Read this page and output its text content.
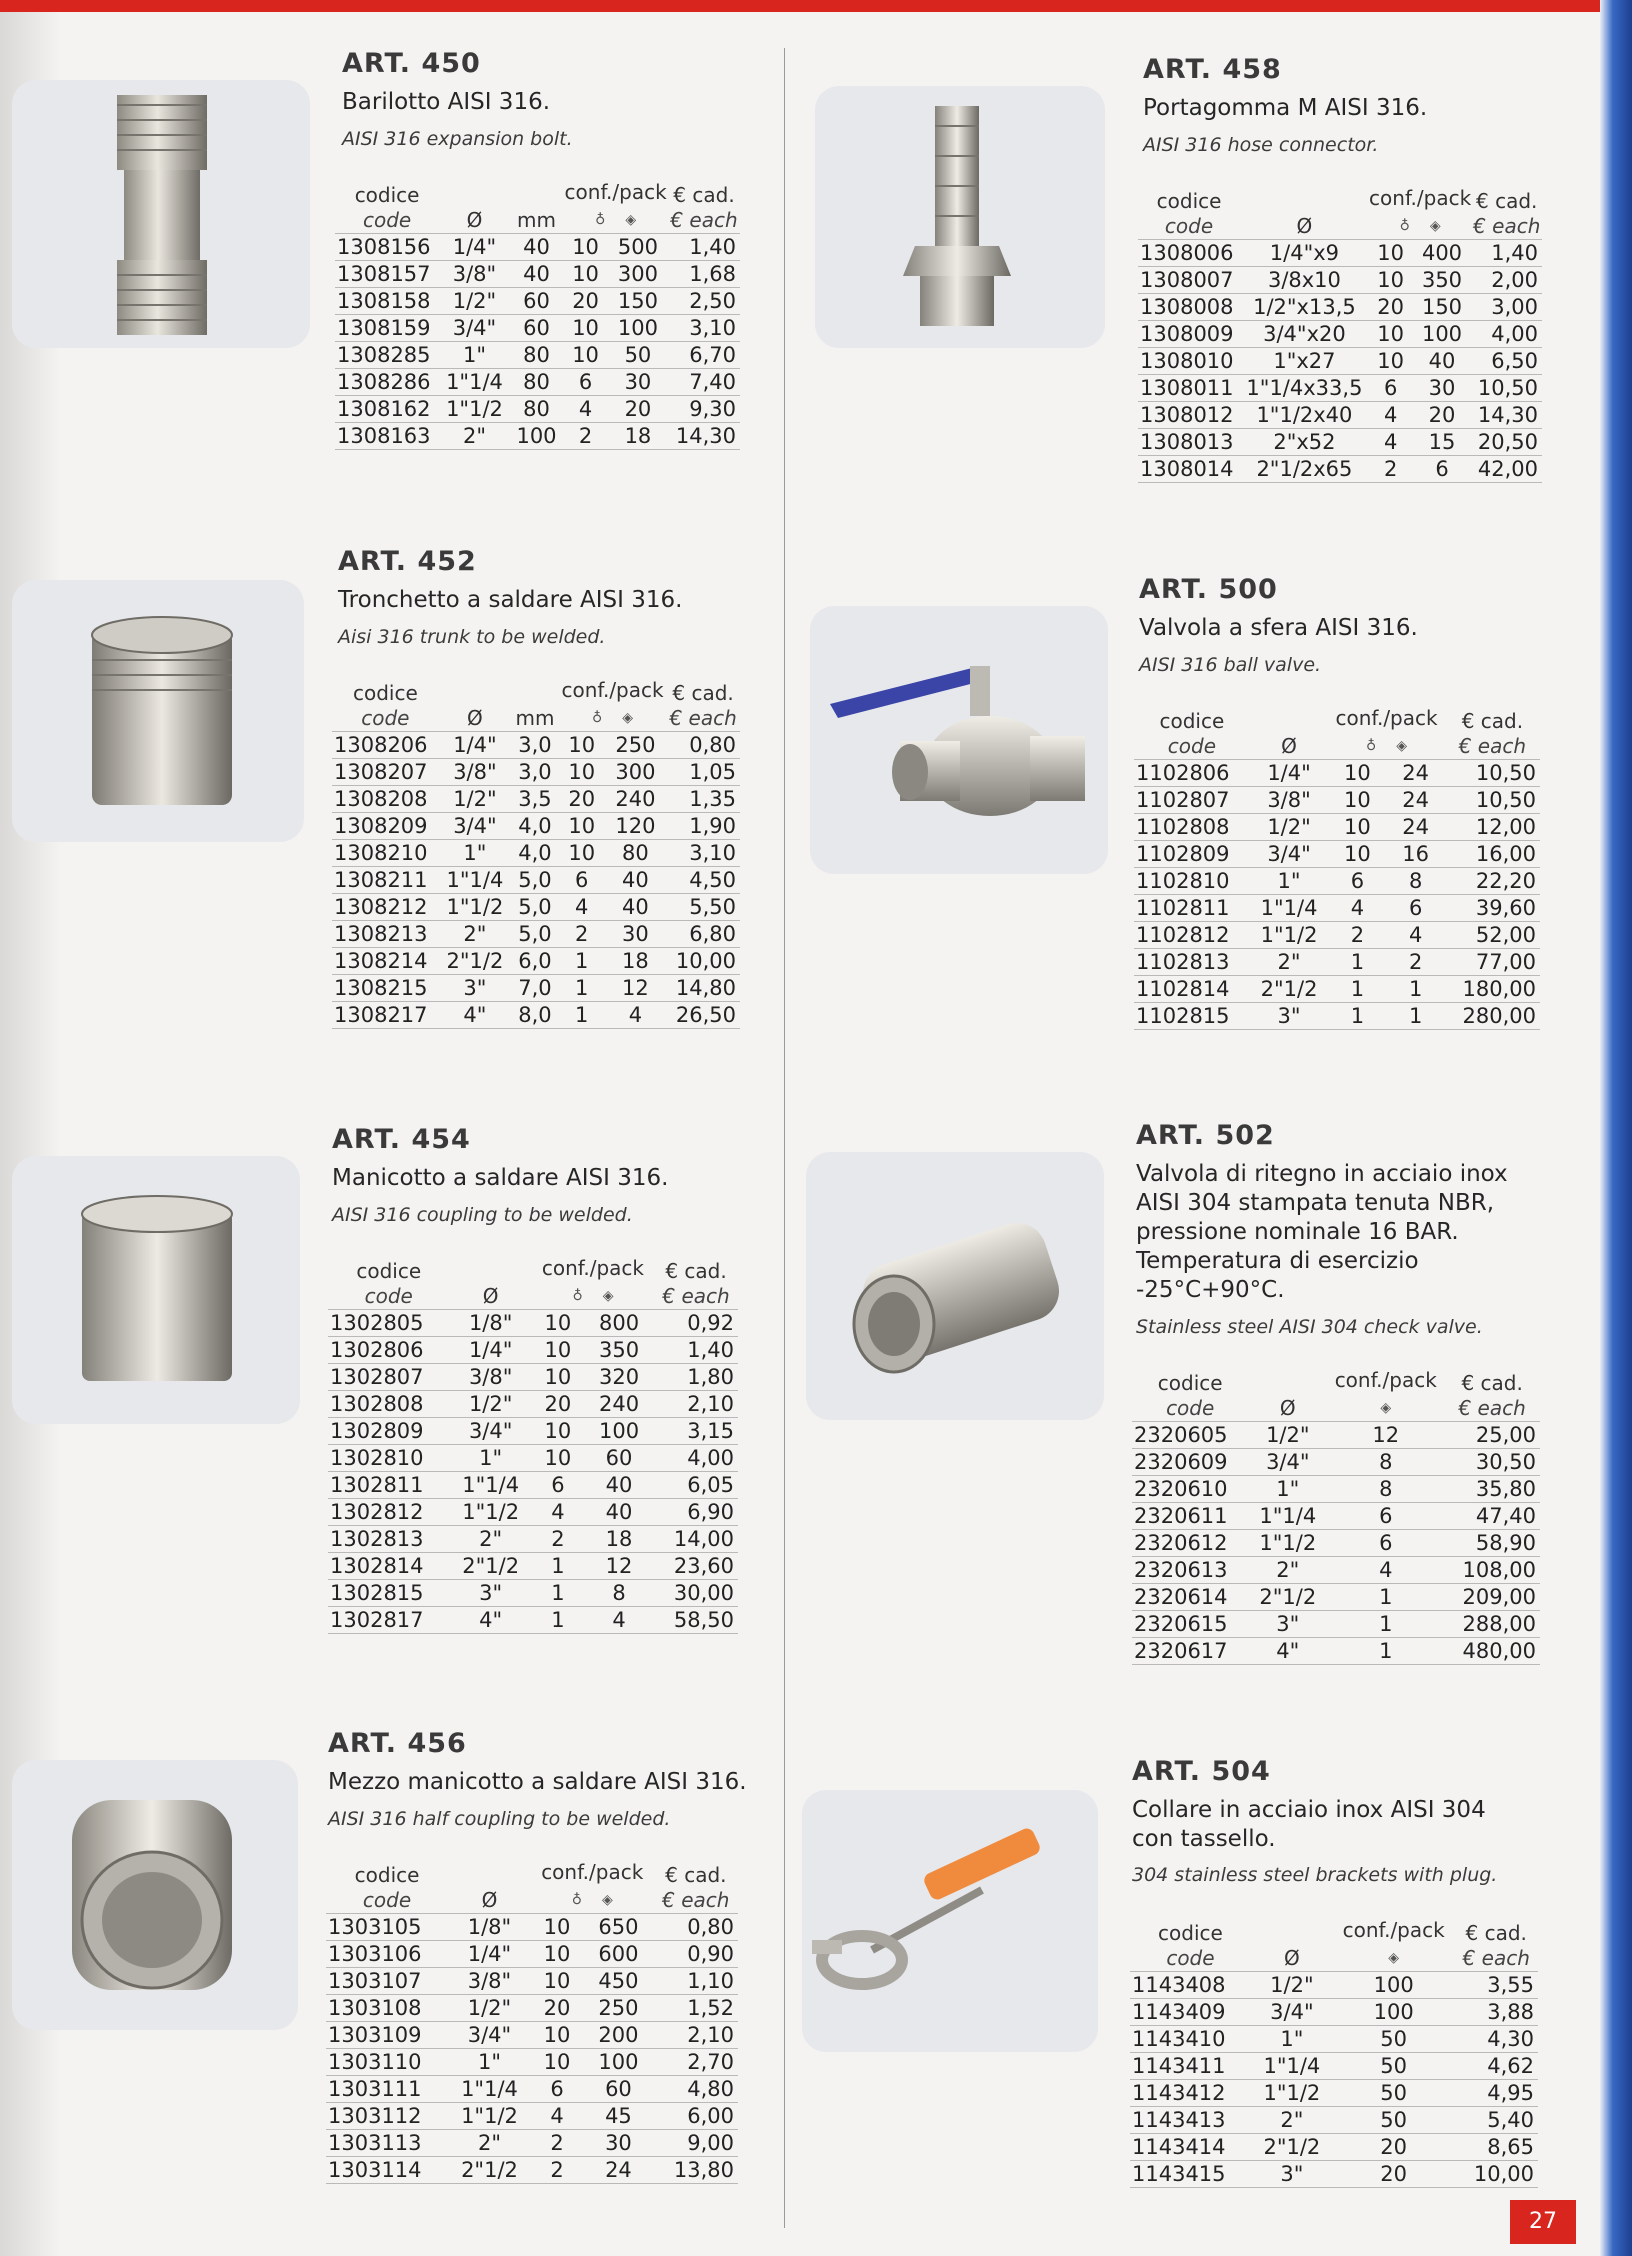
ART. 450
Barilotto AISI 316.
AISI 316 expansion bolt.
codice
code	Ø	mm	conf./pack
♁ ◈		€ cad.
€ each

1308156	1/4"	40	10	500	1,40
1308157	3/8"	40	10	300	1,68
1308158	1/2"	60	20	150	2,50
1308159	3/4"	60	10	100	3,10
1308285	1"	80	10	50	6,70
1308286	1"1/4	80	6	30	7,40
1308162	1"1/2	80	4	20	9,30
1308163	2"	100	2	18	14,30
ART. 452
Tronchetto a saldare AISI 316.
Aisi 316 trunk to be welded.
codice
code	Ø	mm	conf./pack
♁ ◈		€ cad.
€ each

1308206	1/4"	3,0	10	250	0,80
1308207	3/8"	3,0	10	300	1,05
1308208	1/2"	3,5	20	240	1,35
1308209	3/4"	4,0	10	120	1,90
1308210	1"	4,0	10	80	3,10
1308211	1"1/4	5,0	6	40	4,50
1308212	1"1/2	5,0	4	40	5,50
1308213	2"	5,0	2	30	6,80
1308214	2"1/2	6,0	1	18	10,00
1308215	3"	7,0	1	12	14,80
1308217	4"	8,0	1	4	26,50
ART. 454
Manicotto a saldare AISI 316.
AISI 316 coupling to be welded.
codice
code	Ø	conf./pack
♁ ◈		€ cad.
€ each

1302805	1/8"	10	800	0,92
1302806	1/4"	10	350	1,40
1302807	3/8"	10	320	1,80
1302808	1/2"	20	240	2,10
1302809	3/4"	10	100	3,15
1302810	1"	10	60	4,00
1302811	1"1/4	6	40	6,05
1302812	1"1/2	4	40	6,90
1302813	2"	2	18	14,00
1302814	2"1/2	1	12	23,60
1302815	3"	1	8	30,00
1302817	4"	1	4	58,50
ART. 456
Mezzo manicotto a saldare AISI 316.
AISI 316 half coupling to be welded.
codice
code	Ø	conf./pack
♁ ◈		€ cad.
€ each

1303105	1/8"	10	650	0,80
1303106	1/4"	10	600	0,90
1303107	3/8"	10	450	1,10
1303108	1/2"	20	250	1,52
1303109	3/4"	10	200	2,10
1303110	1"	10	100	2,70
1303111	1"1/4	6	60	4,80
1303112	1"1/2	4	45	6,00
1303113	2"	2	30	9,00
1303114	2"1/2	2	24	13,80
ART. 458
Portagomma M AISI 316.
AISI 316 hose connector.
codice
code	Ø	conf./pack
♁ ◈		€ cad.
€ each

1308006	1/4"x9	10	400	1,40
1308007	3/8x10	10	350	2,00
1308008	1/2"x13,5	20	150	3,00
1308009	3/4"x20	10	100	4,00
1308010	1"x27	10	40	6,50
1308011	1"1/4x33,5	6	30	10,50
1308012	1"1/2x40	4	20	14,30
1308013	2"x52	4	15	20,50
1308014	2"1/2x65	2	6	42,00
ART. 500
Valvola a sfera AISI 316.
AISI 316 ball valve.
codice
code	Ø	conf./pack
♁ ◈		€ cad.
€ each

1102806	1/4"	10	24	10,50
1102807	3/8"	10	24	10,50
1102808	1/2"	10	24	12,00
1102809	3/4"	10	16	16,00
1102810	1"	6	8	22,20
1102811	1"1/4	4	6	39,60
1102812	1"1/2	2	4	52,00
1102813	2"	1	2	77,00
1102814	2"1/2	1	1	180,00
1102815	3"	1	1	280,00
ART. 502
Valvola di ritegno in acciaio inox AISI 304 stampata tenuta NBR, pressione nominale 16 BAR. Temperatura di esercizio -25°C+90°C.
Stainless steel AISI 304 check valve.
codice
code	Ø	conf./pack
◈	€ cad.
€ each

2320605	1/2"	12	25,00
2320609	3/4"	8	30,50
2320610	1"	8	35,80
2320611	1"1/4	6	47,40
2320612	1"1/2	6	58,90
2320613	2"	4	108,00
2320614	2"1/2	1	209,00
2320615	3"	1	288,00
2320617	4"	1	480,00
ART. 504
Collare in acciaio inox AISI 304 con tassello.
304 stainless steel brackets with plug.
codice
code	Ø	conf./pack
◈	€ cad.
€ each

1143408	1/2"	100	3,55
1143409	3/4"	100	3,88
1143410	1"	50	4,30
1143411	1"1/4	50	4,62
1143412	1"1/2	50	4,95
1143413	2"	50	5,40
1143414	2"1/2	20	8,65
1143415	3"	20	10,00
27
